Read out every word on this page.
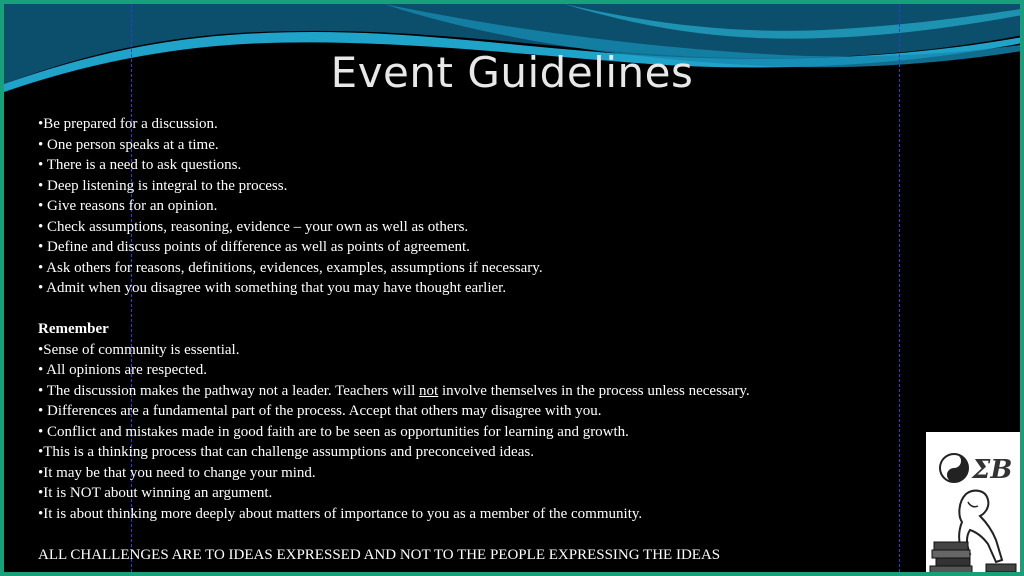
Event Guidelines
•Be prepared for a discussion.
• One person speaks at a time.
• There is a need to ask questions.
• Deep listening is integral to the process.
• Give reasons for an opinion.
• Check assumptions, reasoning, evidence – your own as well as others.
• Define and discuss points of difference as well as points of agreement.
• Ask others for reasons, definitions, evidences, examples, assumptions if necessary.
• Admit when you disagree with something that you may have thought earlier.
Remember
•Sense of community is essential.
• All opinions are respected.
• The discussion makes the pathway not a leader. Teachers will not involve themselves in the process unless necessary.
• Differences are a fundamental part of the process. Accept that others may disagree with you.
• Conflict and mistakes made in good faith are to be seen as opportunities for learning and growth.
•This is a thinking process that can challenge assumptions and preconceived ideas.
•It may be that you need to change your mind.
•It is NOT about winning an argument.
•It is about thinking more deeply about matters of importance to you as a member of the community.
ALL CHALLENGES ARE TO IDEAS EXPRESSED AND NOT TO THE PEOPLE EXPRESSING THE IDEAS
ΣB
